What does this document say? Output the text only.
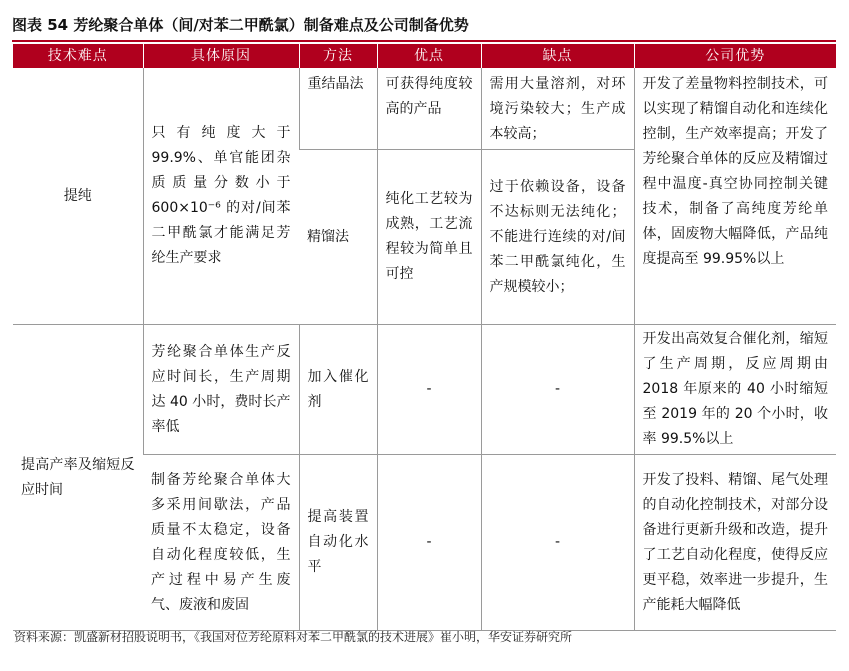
图表 54 芳纶聚合单体（间/对苯二甲酰氯）制备难点及公司制备优势
技术难点	具体原因	方法	优点	缺点	公司优势
提纯	只有纯度大于 99.9%、单官能团杂质质量分数小于 600×10⁻⁶ 的对/间苯二甲酰氯才能满足芳纶生产要求	重结晶法	可获得纯度较高的产品	需用大量溶剂，对环境污染较大；生产成本较高；	开发了差量物料控制技术，可以实现了精馏自动化和连续化控制，生产效率提高；开发了芳纶聚合单体的反应及精馏过程中温度-真空协同控制关键技术，制备了高纯度芳纶单体，固废物大幅降低，产品纯度提高至 99.95%以上
		精馏法	纯化工艺较为成熟，工艺流程较为简单且可控	过于依赖设备，设备不达标则无法纯化；不能进行连续的对/间苯二甲酰氯纯化，生产规模较小；	
提高产率及缩短反应时间	芳纶聚合单体生产反应时间长，生产周期达 40 小时，费时长产率低	加入催化剂	-	-	开发出高效复合催化剂，缩短了生产周期，反应周期由2018 年原来的 40 小时缩短至 2019 年的 20 个小时，收率 99.5%以上
	制备芳纶聚合单体大多采用间歇法，产品质量不太稳定，设备自动化程度较低，生产过程中易产生废气、废液和废固	提高装置自动化水平	-	-	开发了投料、精馏、尾气处理的自动化控制技术，对部分设备进行更新升级和改造，提升了工艺自动化程度，使得反应更平稳，效率进一步提升，生产能耗大幅降低
资料来源：凯盛新材招股说明书，《我国对位芳纶原料对苯二甲酰氯的技术进展》崔小明，华安证券研究所
